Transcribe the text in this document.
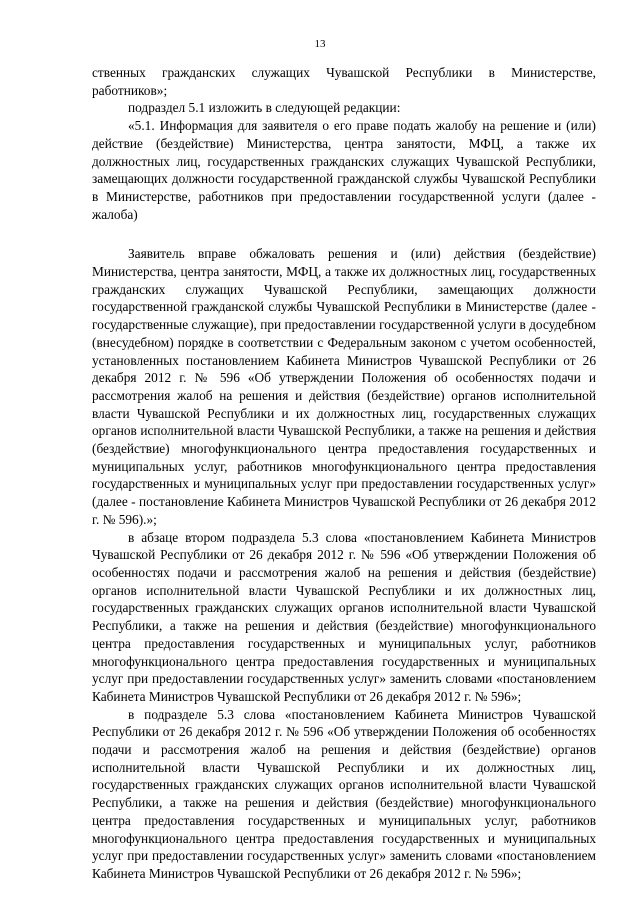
13

ственных гражданских служащих Чувашской Республики в Министерстве, работников»;

подраздел 5.1 изложить в следующей редакции:

«5.1. Информация для заявителя о его праве подать жалобу на решение и (или) действие (бездействие) Министерства, центра занятости, МФЦ, а также их должностных лиц, государственных гражданских служащих Чувашской Республики, замещающих должности государственной гражданской службы Чувашской Республики в Министерстве, работников при предоставлении государственной услуги (далее - жалоба)

Заявитель вправе обжаловать решения и (или) действия (бездействие) Министерства, центра занятости, МФЦ, а также их должностных лиц, государственных гражданских служащих Чувашской Республики, замещающих должности государственной гражданской службы Чувашской Республики в Министерстве (далее - государственные служащие), при предоставлении государственной услуги в досудебном (внесудебном) порядке в соответствии с Федеральным законом с учетом особенностей, установленных постановлением Кабинета Министров Чувашской Республики от 26 декабря 2012 г. № 596 «Об утверждении Положения об особенностях подачи и рассмотрения жалоб на решения и действия (бездействие) органов исполнительной власти Чувашской Республики и их должностных лиц, государственных служащих органов исполнительной власти Чувашской Республики, а также на решения и действия (бездействие) многофункционального центра предоставления государственных и муниципальных услуг, работников многофункционального центра предоставления государственных и муниципальных услуг при предоставлении государственных услуг» (далее - постановление Кабинета Министров Чувашской Республики от 26 декабря 2012 г. № 596).»;

в абзаце втором подраздела 5.3 слова «постановлением Кабинета Министров Чувашской Республики от 26 декабря 2012 г. № 596 «Об утверждении Положения об особенностях подачи и рассмотрения жалоб на решения и действия (бездействие) органов исполнительной власти Чувашской Республики и их должностных лиц, государственных гражданских служащих органов исполнительной власти Чувашской Республики, а также на решения и действия (бездействие) многофункционального центра предоставления государственных и муниципальных услуг, работников многофункционального центра предоставления государственных и муниципальных услуг при предоставлении государственных услуг» заменить словами «постановлением Кабинета Министров Чувашской Республики от 26 декабря 2012 г. № 596»;

в подразделе 5.3 слова «постановлением Кабинета Министров Чувашской Республики от 26 декабря 2012 г. № 596 «Об утверждении Положения об особенностях подачи и рассмотрения жалоб на решения и действия (бездействие) органов исполнительной власти Чувашской Республики и их должностных лиц, государственных гражданских служащих органов исполнительной власти Чувашской Республики, а также на решения и действия (бездействие) многофункционального центра предоставления государственных и муниципальных услуг, работников многофункционального центра предоставления государственных и муниципальных услуг при предоставлении государственных услуг» заменить словами «постановлением Кабинета Министров Чувашской Республики от 26 декабря 2012 г. № 596»;
